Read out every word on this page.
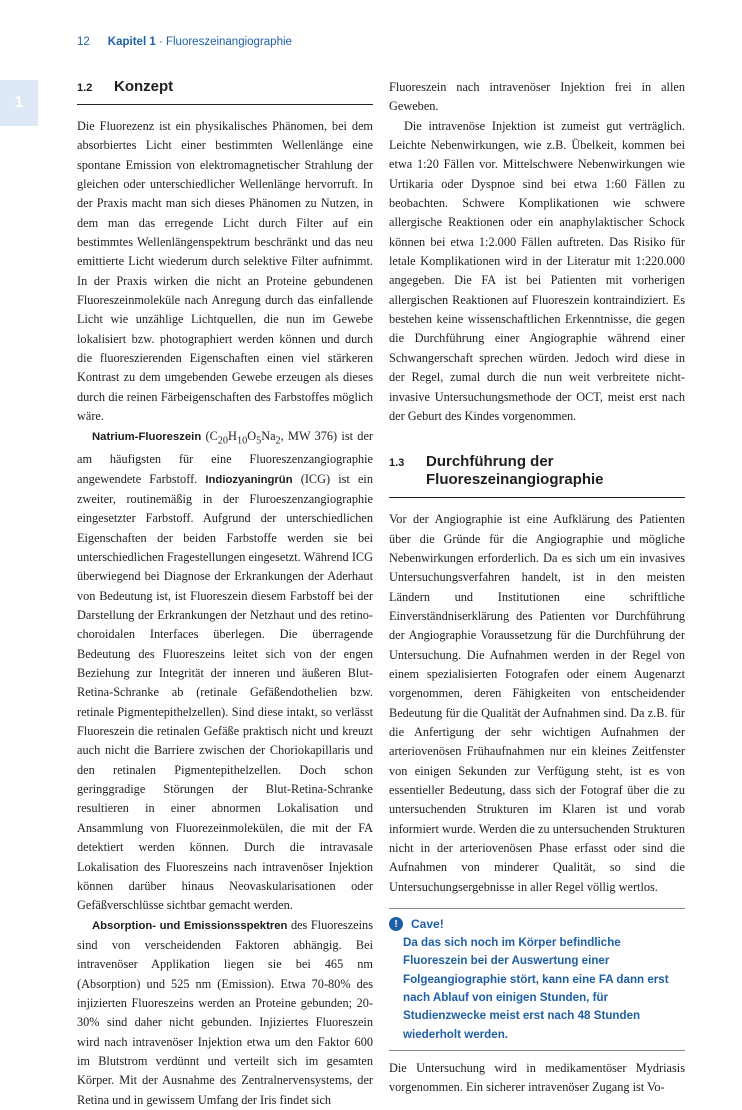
12 Kapitel 1 · Fluoreszeinangiographie
1
1.2	Konzept

Die Fluorezenz ist ein physikalisches Phänomen, bei dem absorbiertes Licht einer bestimmten Wellenlänge eine spontane Emission von elektromagnetischer Strahlung der gleichen oder unterschiedlicher Wellenlänge hervorruft. In der Praxis macht man sich dieses Phänomen zu Nutzen, in dem man das erregende Licht durch Filter auf ein bestimmtes Wellenlängenspektrum beschränkt und das neu emittierte Licht wiederum durch selektive Filter aufnimmt. In der Praxis wirken die nicht an Proteine gebundenen Fluoreszeinmoleküle nach Anregung durch das einfallende Licht wie unzählige Lichtquellen, die nun im Gewebe lokalisiert bzw. photographiert werden können und durch die fluoreszierenden Eigenschaften einen viel stärkeren Kontrast zu dem umgebenden Gewebe erzeugen als dieses durch die reinen Färbeigenschaften des Farbstoffes möglich wäre.

Natrium-Fluoreszein ($C_{20}H_{10}O_5Na_2$, MW 376) ist der am häufigsten für eine Fluoreszenzangiographie angewendete Farbstoff. Indiozyaningrün (ICG) ist ein zweiter, routinemäßig in der Fluroeszenzangiographie eingesetzter Farbstoff. Aufgrund der unterschiedlichen Eigenschaften der beiden Farbstoffe werden sie bei unterschiedlichen Fragestellungen eingesetzt. Während ICG überwiegend bei Diagnose der Erkrankungen der Aderhaut von Bedeutung ist, ist Fluoreszein diesem Farbstoff bei der Darstellung der Erkrankungen der Netzhaut und des retino-choroidalen Interfaces überlegen. Die überragende Bedeutung des Fluoreszeins leitet sich von der engen Beziehung zur Integrität der inneren und äußeren Blut-Retina-Schranke ab (retinale Gefäßendothelien bzw. retinale Pigmentepithelzellen). Sind diese intakt, so verlässt Fluoreszein die retinalen Gefäße praktisch nicht und kreuzt auch nicht die Barriere zwischen der Choriokapillaris und den retinalen Pigmentepithelzellen. Doch schon geringgradige Störungen der Blut-Retina-Schranke resultieren in einer abnormen Lokalisation und Ansammlung von Fluorezeinmolekülen, die mit der FA detektiert werden können. Durch die intravasale Lokalisation des Fluoreszeins nach intravenöser Injektion können darüber hinaus Neovaskularisationen oder Gefäßverschlüsse sichtbar gemacht werden.

Absorption- und Emissionsspektren des Fluoreszeins sind von verscheidenden Faktoren abhängig. Bei intravenöser Applikation liegen sie bei 465 nm (Absorption) und 525 nm (Emission). Etwa 70-80% des injizierten Fluoreszeins werden an Proteine gebunden; 20-30% sind daher nicht gebunden. Injiziertes Fluoreszein wird nach intravenöser Injektion etwa um den Faktor 600 im Blutstrom verdünnt und verteilt sich im gesamten Körper. Mit der Ausnahme des Zentralnervensystems, der Retina und in gewissem Umfang der Iris findet sich

Fluoreszein nach intravenöser Injektion frei in allen Geweben.

Die intravenöse Injektion ist zumeist gut verträglich. Leichte Nebenwirkungen, wie z.B. Übelkeit, kommen bei etwa 1:20 Fällen vor. Mittelschwere Nebenwirkungen wie Urtikaria oder Dyspnoe sind bei etwa 1:60 Fällen zu beobachten. Schwere Komplikationen wie schwere allergische Reaktionen oder ein anaphylaktischer Schock können bei etwa 1:2.000 Fällen auftreten. Das Risiko für letale Komplikationen wird in der Literatur mit 1:220.000 angegeben. Die FA ist bei Patienten mit vorherigen allergischen Reaktionen auf Fluoreszein kontraindiziert. Es bestehen keine wissenschaftlichen Erkenntnisse, die gegen die Durchführung einer Angiographie während einer Schwangerschaft sprechen würden. Jedoch wird diese in der Regel, zumal durch die nun weit verbreitete nicht-invasive Untersuchungsmethode der OCT, meist erst nach der Geburt des Kindes vorgenommen.

1.3	Durchführung der Fluoreszeinangiographie

Vor der Angiographie ist eine Aufklärung des Patienten über die Gründe für die Angiographie und mögliche Nebenwirkungen erforderlich. Da es sich um ein invasives Untersuchungsverfahren handelt, ist in den meisten Ländern und Institutionen eine schriftliche Einverständniserklärung des Patienten vor Durchführung der Angiographie Voraussetzung für die Durchführung der Untersuchung. Die Aufnahmen werden in der Regel von einem spezialisierten Fotografen oder einem Augenarzt vorgenommen, deren Fähigkeiten von entscheidender Bedeutung für die Qualität der Aufnahmen sind. Da z.B. für die Anfertigung der sehr wichtigen Aufnahmen der arteriovenösen Frühaufnahmen nur ein kleines Zeitfenster von einigen Sekunden zur Verfügung steht, ist es von essentieller Bedeutung, dass sich der Fotograf über die zu untersuchenden Strukturen im Klaren ist und vorab informiert wurde. Werden die zu untersuchenden Strukturen nicht in der arteriovenösen Phase erfasst oder sind die Aufnahmen von minderer Qualität, so sind die Untersuchungsergebnisse in aller Regel völlig wertlos.

!	Cave!
Da das sich noch im Körper befindliche Fluoreszein bei der Auswertung einer Folgeangiographie stört, kann eine FA dann erst nach Ablauf von einigen Stunden, für Studienzwecke meist erst nach 48 Stunden wiederholt werden.

Die Untersuchung wird in medikamentöser Mydriasis vorgenommen. Ein sicherer intravenöser Zugang ist Vo-
